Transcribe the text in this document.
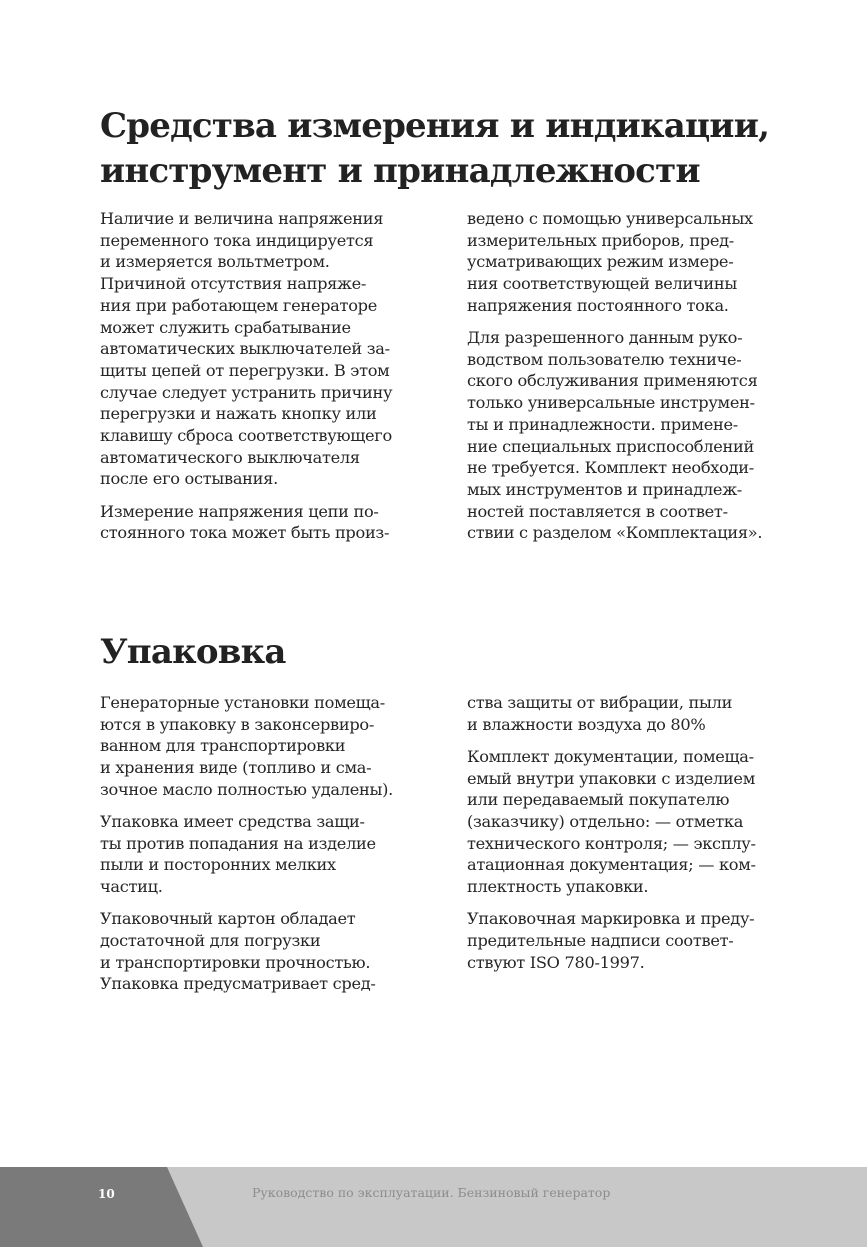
Средства измерения и индикации,
инструмент и принадлежности

Наличие и величина напряжения
переменного тока индицируется
и измеряется вольтметром.
Причиной отсутствия напряже-
ния при работающем генераторе
может служить срабатывание
автоматических выключателей за-
щиты цепей от перегрузки. В этом
случае следует устранить причину
перегрузки и нажать кнопку или
клавишу сброса соответствующего
автоматического выключателя
после его остывания.

Измерение напряжения цепи по-
стоянного тока может быть произ-

ведено с помощью универсальных
измерительных приборов, пред-
усматривающих режим измере-
ния соответствующей величины
напряжения постоянного тока.

Для разрешенного данным руко-
водством пользователю техниче-
ского обслуживания применяются
только универсальные инструмен-
ты и принадлежности. примене-
ние специальных приспособлений
не требуется. Комплект необходи-
мых инструментов и принадлеж-
ностей поставляется в соответ-
ствии с разделом «Комплектация».

Упаковка

Генераторные установки помеща-
ются в упаковку в законсервиро-
ванном для транспортировки
и хранения виде (топливо и сма-
зочное масло полностью удалены).

Упаковка имеет средства защи-
ты против попадания на изделие
пыли и посторонних мелких
частиц.

Упаковочный картон обладает
достаточной для погрузки
и транспортировки прочностью.
Упаковка предусматривает сред-

ства защиты от вибрации, пыли
и влажности воздуха до 80%

Комплект документации, помеща-
емый внутри упаковки с изделием
или передаваемый покупателю
(заказчику) отдельно: — отметка
технического контроля; — эксплу-
атационная документация; — ком-
плектность упаковки.

Упаковочная маркировка и преду-
предительные надписи соответ-
ствуют ISO 780-1997.

10	Руководство по эксплуатации. Бензиновый генератор
